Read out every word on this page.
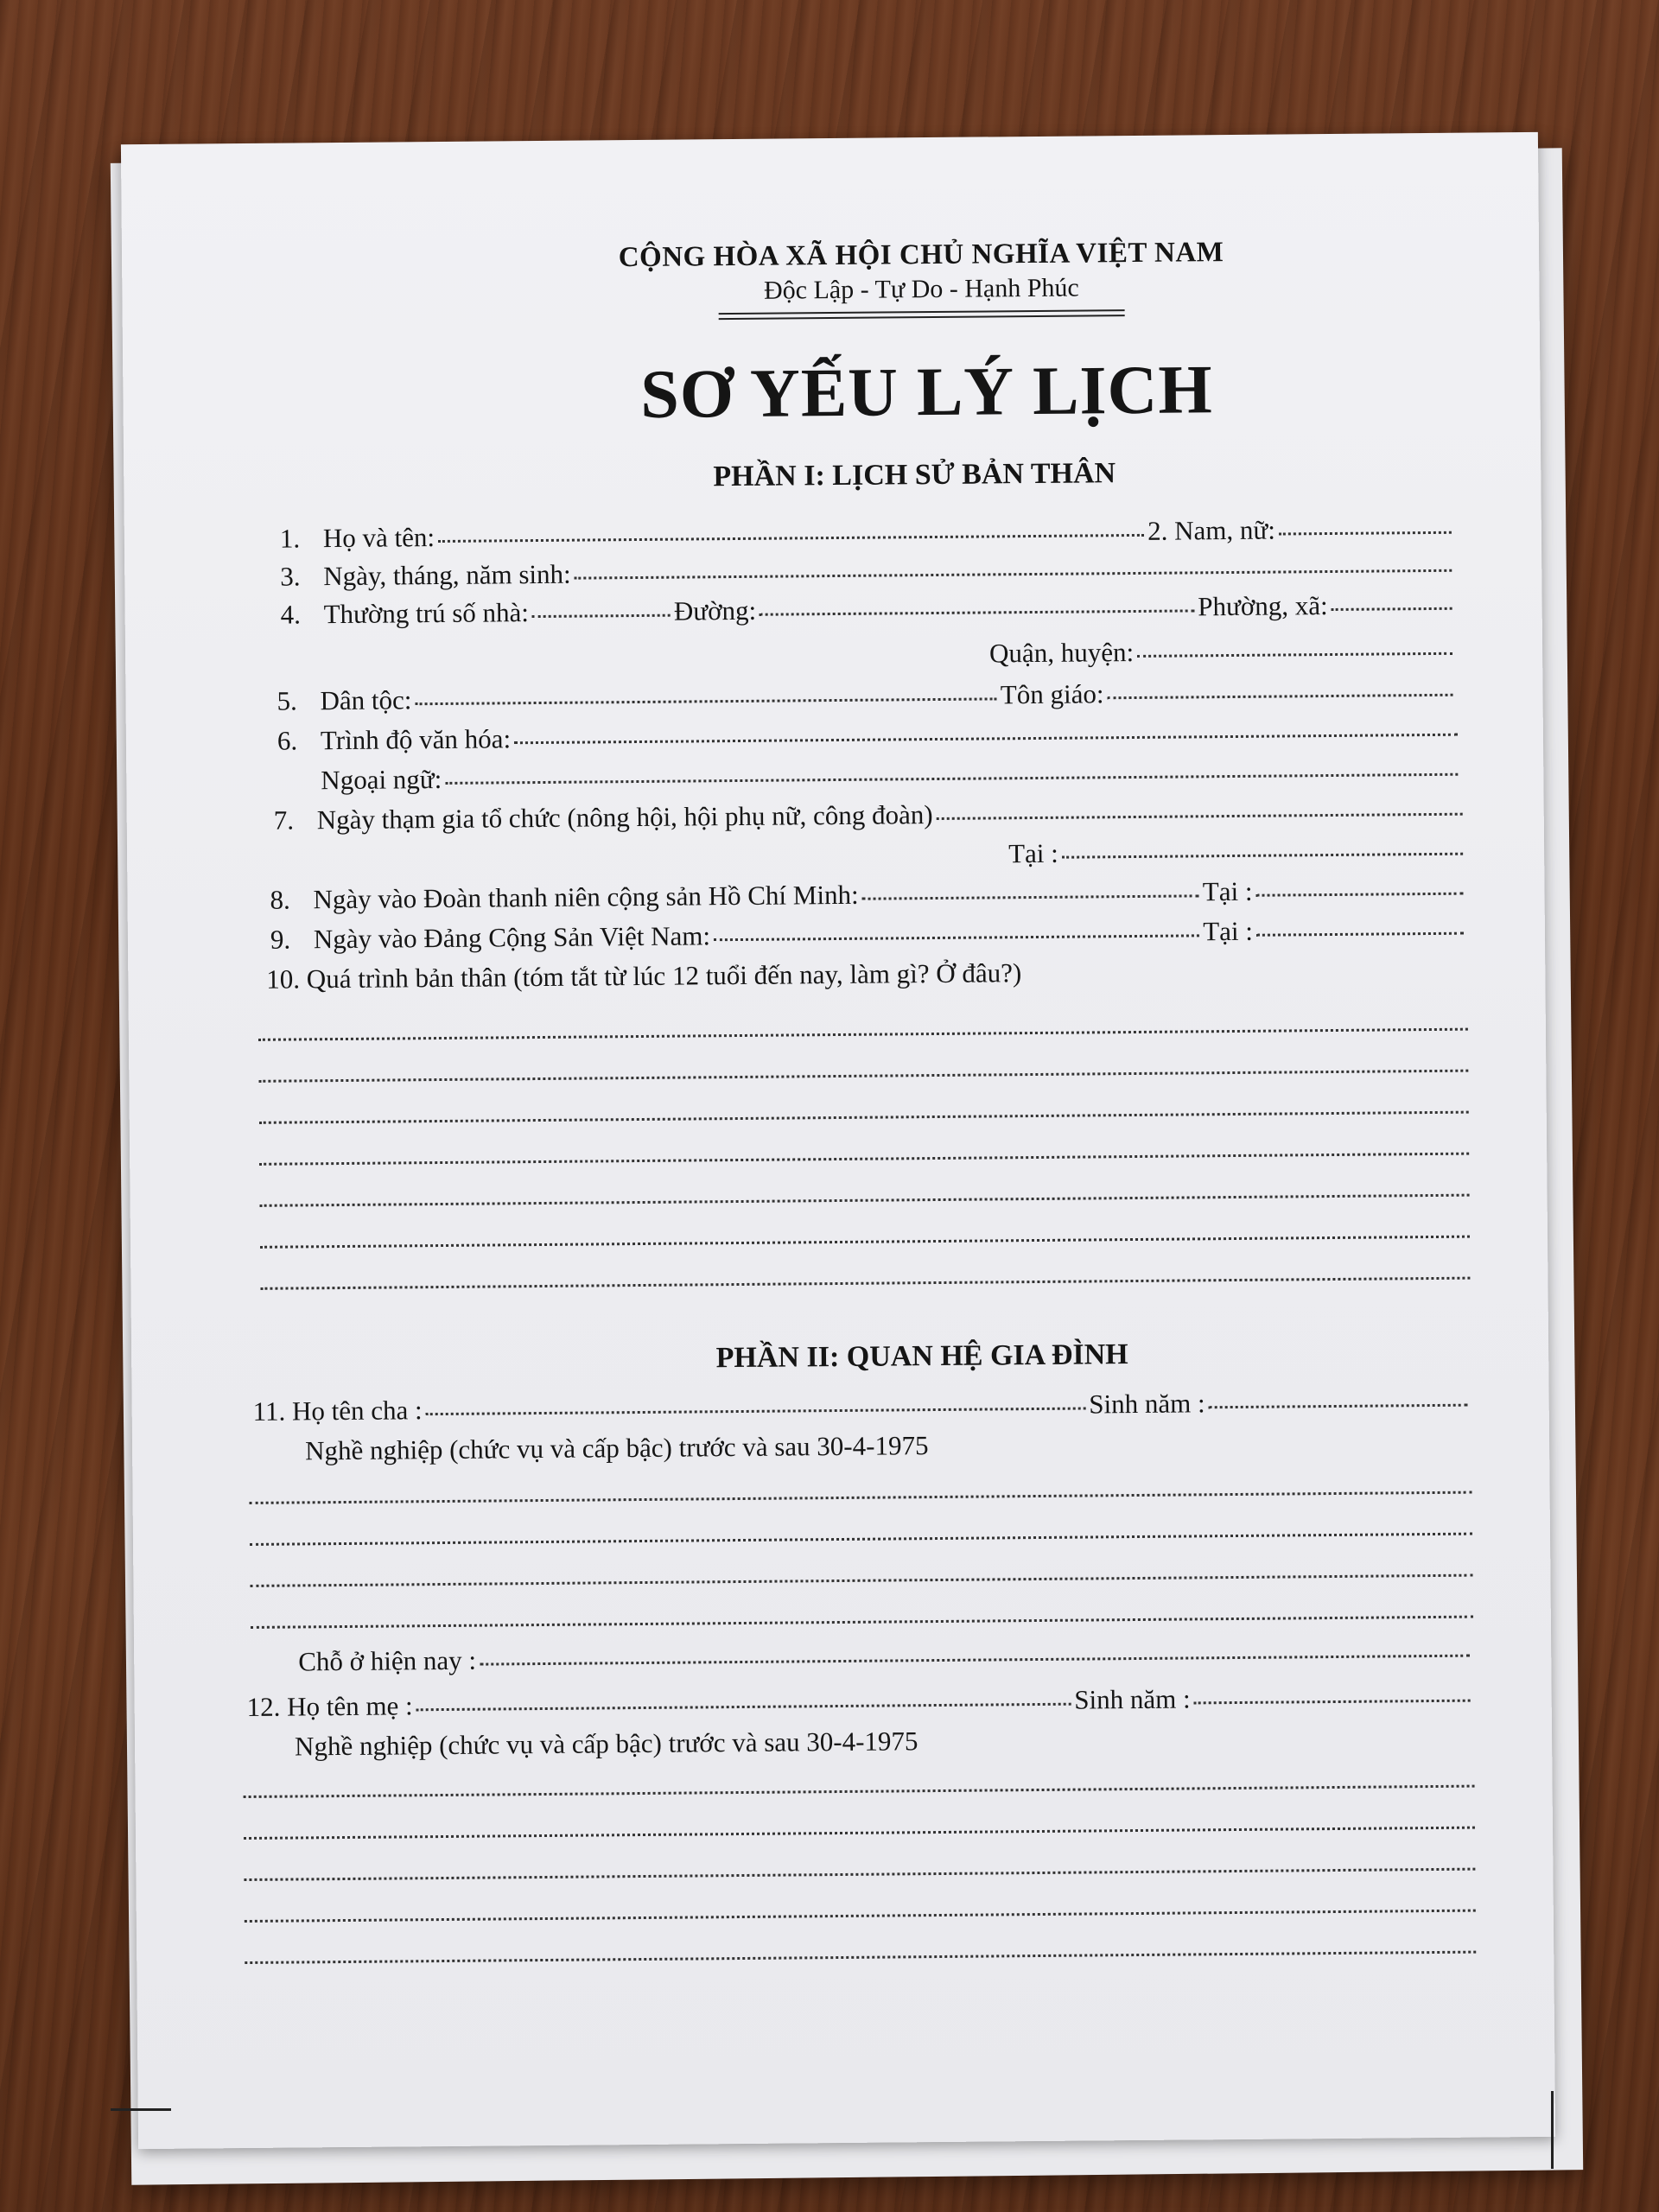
CỘNG HÒA XÃ HỘI CHỦ NGHĨA VIỆT NAM
Độc Lập - Tự Do - Hạnh Phúc
SƠ YẾU LÝ LỊCH
PHẦN I: LỊCH SỬ BẢN THÂN
1. Họ và tên:	2. Nam, nữ:
3. Ngày, tháng, năm sinh:
4. Thường trú số nhà:	Đường:	Phường, xã:
Quận, huyện:
5. Dân tộc:	Tôn giáo:
6. Trình độ văn hóa:
Ngoại ngữ:
7. Ngày thạm gia tổ chức (nông hội, hội phụ nữ, công đoàn)
Tại :
8. Ngày vào Đoàn thanh niên cộng sản Hồ Chí Minh:	Tại :
9. Ngày vào Đảng Cộng Sản Việt Nam:	Tại :
10. Quá trình bản thân (tóm tắt từ lúc 12 tuổi đến nay, làm gì? Ở đâu?)
PHẦN II: QUAN HỆ GIA ĐÌNH
11. Họ tên cha :	Sinh năm :
Nghề nghiệp (chức vụ và cấp bậc) trước và sau 30-4-1975
Chỗ ở hiện nay :
12. Họ tên mẹ :	Sinh năm :
Nghề nghiệp (chức vụ và cấp bậc) trước và sau 30-4-1975
